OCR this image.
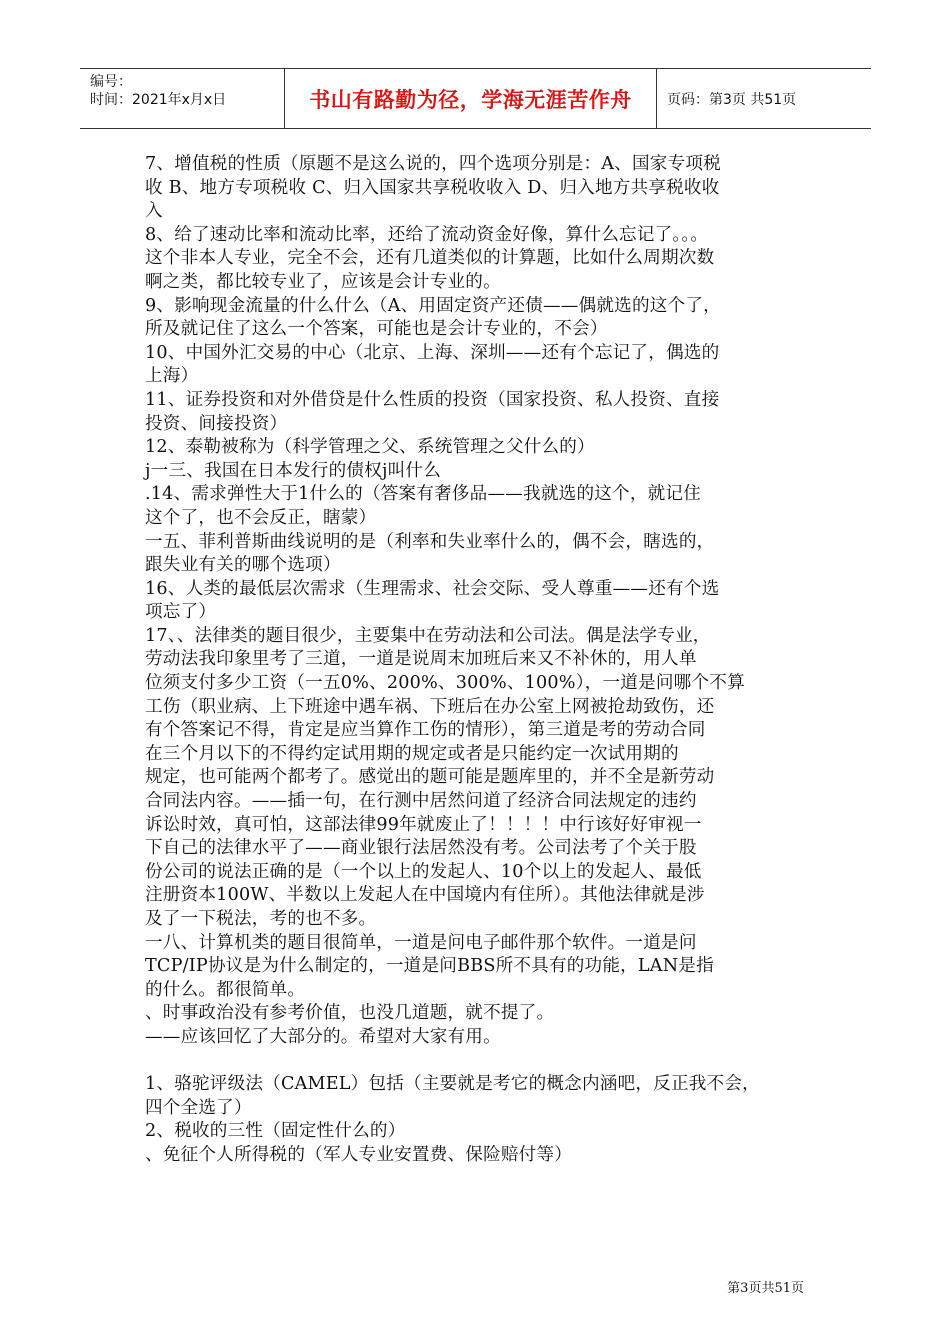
编号：
时间：2021年x月x日	书山有路勤为径，学海无涯苦作舟	页码：第3页 共51页
7、增值税的性质（原题不是这么说的，四个选项分别是：A、国家专项税
收 B、地方专项税收 C、归入国家共享税收收入 D、归入地方共享税收收
入
8、给了速动比率和流动比率，还给了流动资金好像，算什么忘记了。。。
这个非本人专业，完全不会，还有几道类似的计算题，比如什么周期次数
啊之类，都比较专业了，应该是会计专业的。
9、影响现金流量的什么什么（A、用固定资产还债——偶就选的这个了，
所及就记住了这么一个答案，可能也是会计专业的，不会）
10、中国外汇交易的中心（北京、上海、深圳——还有个忘记了，偶选的
上海）
11、证券投资和对外借贷是什么性质的投资（国家投资、私人投资、直接
投资、间接投资）
12、泰勒被称为（科学管理之父、系统管理之父什么的）
j一三、我国在日本发行的债权j叫什么
.14、需求弹性大于1什么的（答案有奢侈品——我就选的这个，就记住
这个了，也不会反正，瞎蒙）
一五、菲利普斯曲线说明的是（利率和失业率什么的，偶不会，瞎选的，
跟失业有关的哪个选项）
16、人类的最低层次需求（生理需求、社会交际、受人尊重——还有个选
项忘了）
17、、法律类的题目很少，主要集中在劳动法和公司法。偶是法学专业，
劳动法我印象里考了三道，一道是说周末加班后来又不补休的，用人单
位须支付多少工资（一五0%、200%、300%、100%），一道是问哪个不算
工伤（职业病、上下班途中遇车祸、下班后在办公室上网被抢劫致伤，还
有个答案记不得，肯定是应当算作工伤的情形），第三道是考的劳动合同
在三个月以下的不得约定试用期的规定或者是只能约定一次试用期的
规定，也可能两个都考了。感觉出的题可能是题库里的，并不全是新劳动
合同法内容。——插一句，在行测中居然问道了经济合同法规定的违约
诉讼时效，真可怕，这部法律99年就废止了！！！！中行该好好审视一
下自己的法律水平了——商业银行法居然没有考。公司法考了个关于股
份公司的说法正确的是（一个以上的发起人、10个以上的发起人、最低
注册资本100W、半数以上发起人在中国境内有住所）。其他法律就是涉
及了一下税法，考的也不多。
一八、计算机类的题目很简单，一道是问电子邮件那个软件。一道是问
TCP/IP协议是为什么制定的，一道是问BBS所不具有的功能，LAN是指
的什么。都很简单。
、时事政治没有参考价值，也没几道题，就不提了。
——应该回忆了大部分的。希望对大家有用。
1、骆驼评级法（CAMEL）包括（主要就是考它的概念内涵吧，反正我不会，
四个全选了）
2、税收的三性（固定性什么的）
、免征个人所得税的（军人专业安置费、保险赔付等）
第3页共51页
